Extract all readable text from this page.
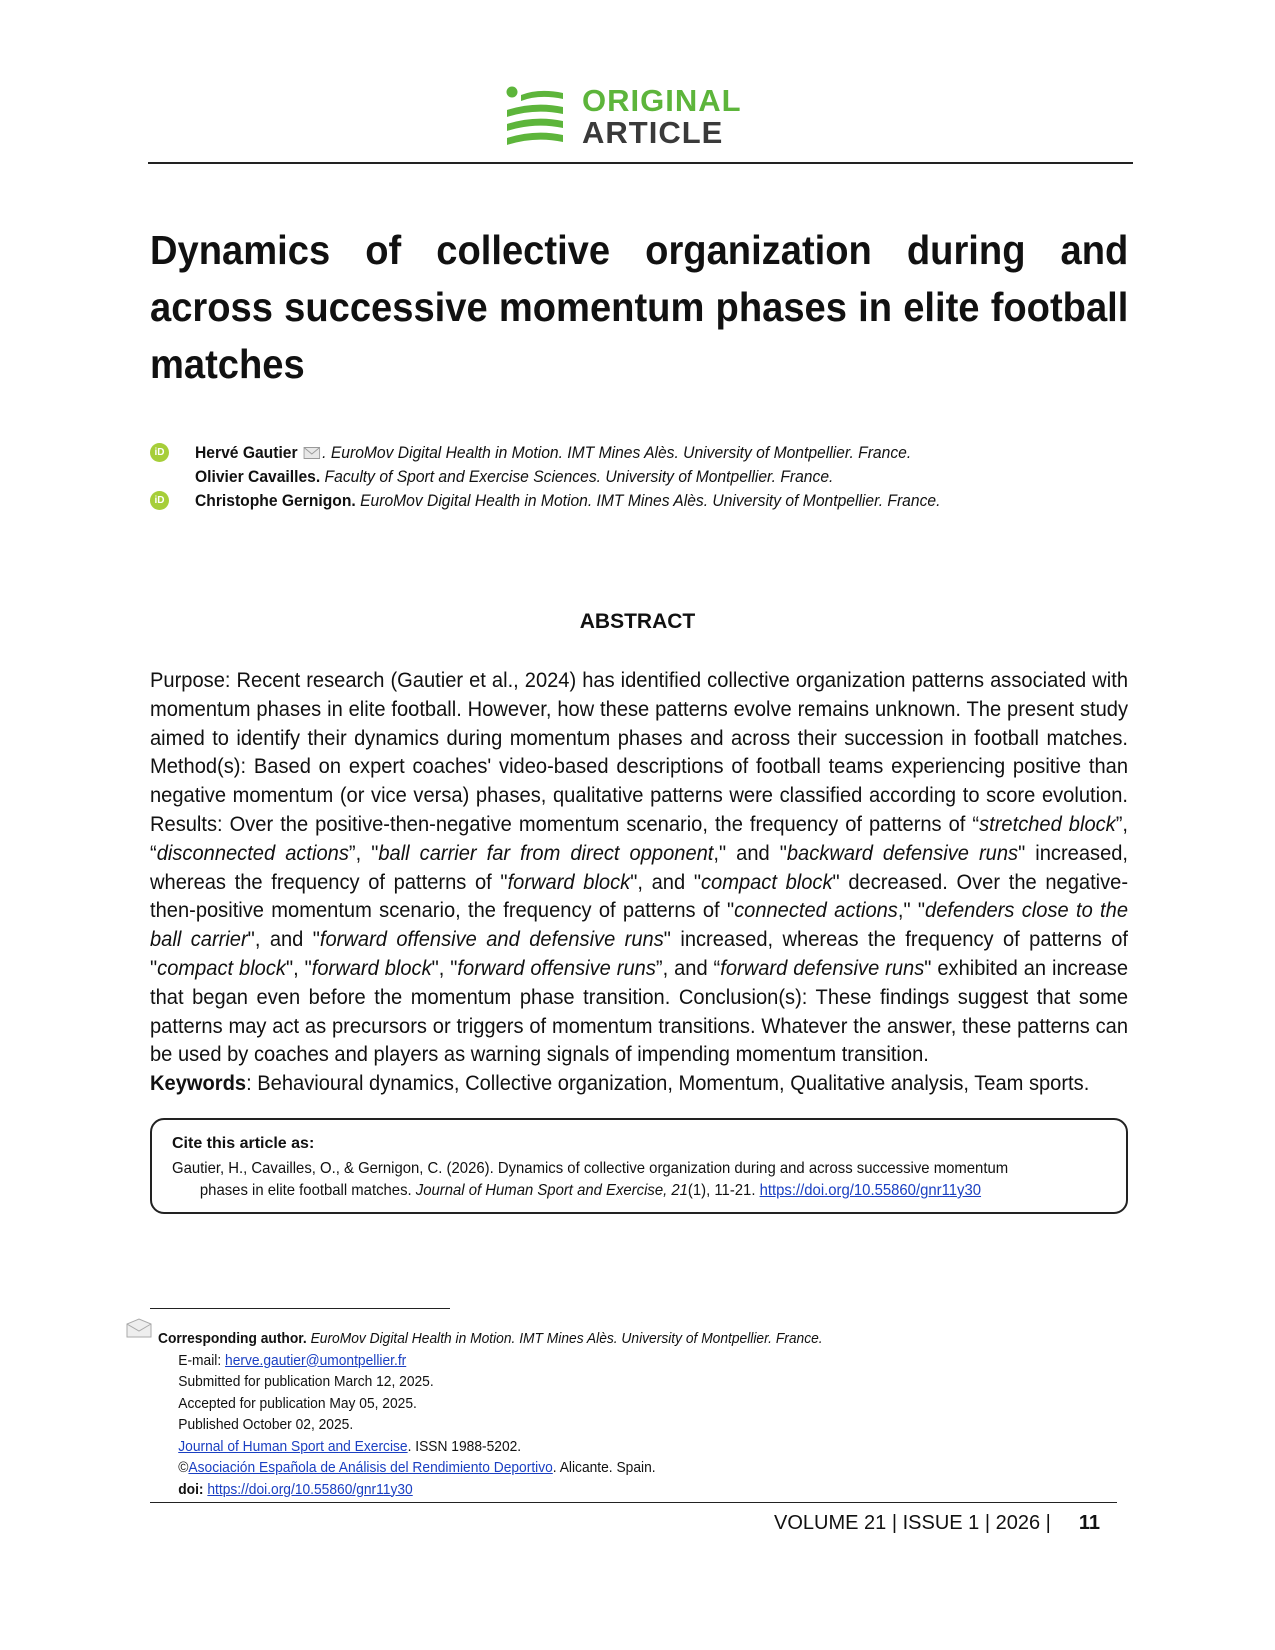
ORIGINAL
ARTICLE
Dynamics of collective organization during and across successive momentum phases in elite football matches
iD Hervé Gautier . EuroMov Digital Health in Motion. IMT Mines Alès. University of Montpellier. France.
Olivier Cavailles. Faculty of Sport and Exercise Sciences. University of Montpellier. France.
iD Christophe Gernigon. EuroMov Digital Health in Motion. IMT Mines Alès. University of Montpellier. France.
ABSTRACT

Purpose: Recent research (Gautier et al., 2024) has identified collective organization patterns associated with momentum phases in elite football. However, how these patterns evolve remains unknown. The present study aimed to identify their dynamics during momentum phases and across their succession in football matches. Method(s): Based on expert coaches' video-based descriptions of football teams experiencing positive than negative momentum (or vice versa) phases, qualitative patterns were classified according to score evolution. Results: Over the positive-then-negative momentum scenario, the frequency of patterns of “stretched block”, “disconnected actions”, "ball carrier far from direct opponent," and "backward defensive runs" increased, whereas the frequency of patterns of "forward block", and "compact block" decreased. Over the negative-then-positive momentum scenario, the frequency of patterns of "connected actions," "defenders close to the ball carrier", and "forward offensive and defensive runs" increased, whereas the frequency of patterns of "compact block", "forward block", "forward offensive runs”, and “forward defensive runs" exhibited an increase that began even before the momentum phase transition. Conclusion(s): These findings suggest that some patterns may act as precursors or triggers of momentum transitions. Whatever the answer, these patterns can be used by coaches and players as warning signals of impending momentum transition.
Keywords: Behavioural dynamics, Collective organization, Momentum, Qualitative analysis, Team sports.

Cite this article as:
Gautier, H., Cavailles, O., & Gernigon, C. (2026). Dynamics of collective organization during and across successive momentum
phases in elite football matches. Journal of Human Sport and Exercise, 21(1), 11-21. https://doi.org/10.55860/gnr11y30
Corresponding author. EuroMov Digital Health in Motion. IMT Mines Alès. University of Montpellier. France.
E-mail: herve.gautier@umontpellier.fr
Submitted for publication March 12, 2025.
Accepted for publication May 05, 2025.
Published October 02, 2025.
Journal of Human Sport and Exercise. ISSN 1988-5202.
©Asociación Española de Análisis del Rendimiento Deportivo. Alicante. Spain.
doi: https://doi.org/10.55860/gnr11y30
VOLUME 21 | ISSUE 1 | 2026 | 11
